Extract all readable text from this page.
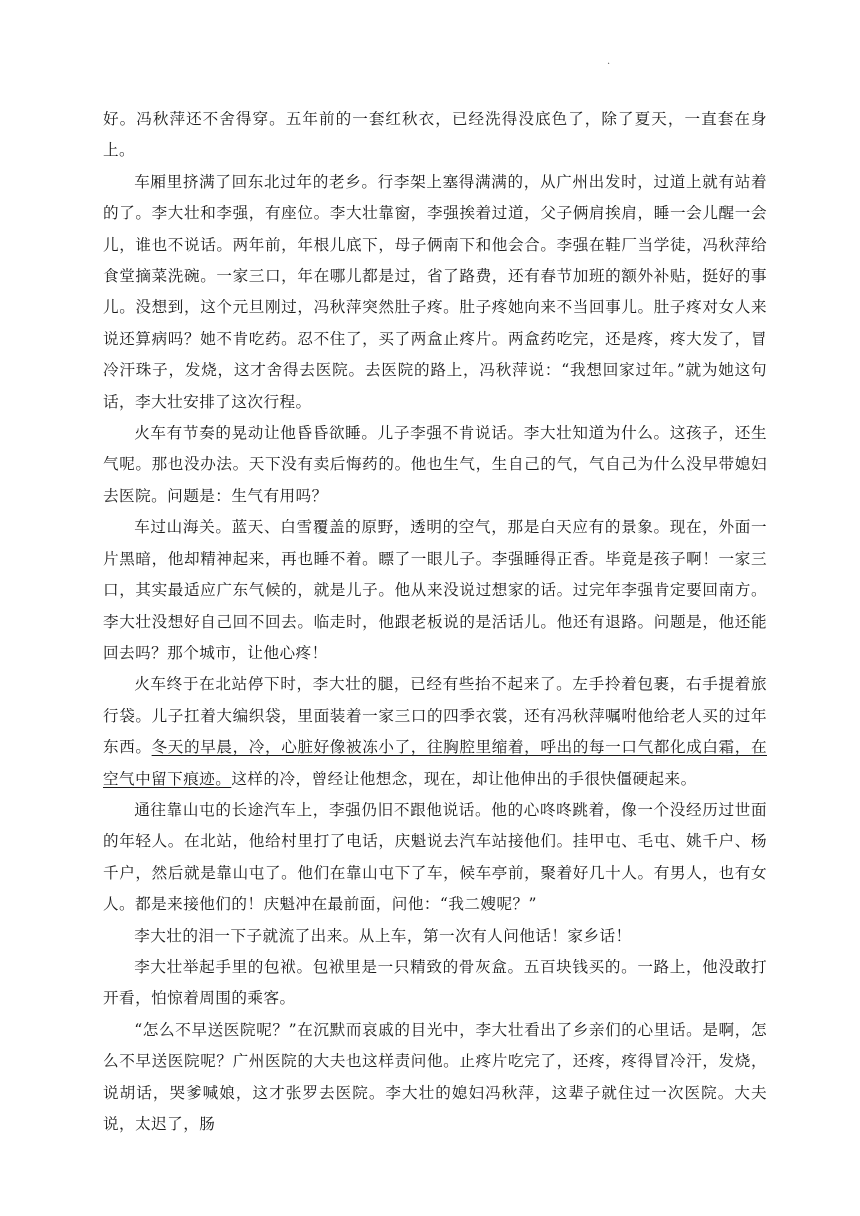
·

好。冯秋萍还不舍得穿。五年前的一套红秋衣，已经洗得没底色了，除了夏天，一直套在身上。

车厢里挤满了回东北过年的老乡。行李架上塞得满满的，从广州出发时，过道上就有站着的了。李大壮和李强，有座位。李大壮靠窗，李强挨着过道，父子俩肩挨肩，睡一会儿醒一会儿，谁也不说话。两年前，年根儿底下，母子俩南下和他会合。李强在鞋厂当学徒，冯秋萍给食堂摘菜洗碗。一家三口，年在哪儿都是过，省了路费，还有春节加班的额外补贴，挺好的事儿。没想到，这个元旦刚过，冯秋萍突然肚子疼。肚子疼她向来不当回事儿。肚子疼对女人来说还算病吗？她不肯吃药。忍不住了，买了两盒止疼片。两盒药吃完，还是疼，疼大发了，冒冷汗珠子，发烧，这才舍得去医院。去医院的路上，冯秋萍说：“我想回家过年。”就为她这句话，李大壮安排了这次行程。

火车有节奏的晃动让他昏昏欲睡。儿子李强不肯说话。李大壮知道为什么。这孩子，还生气呢。那也没办法。天下没有卖后悔药的。他也生气，生自己的气，气自己为什么没早带媳妇去医院。问题是：生气有用吗？

车过山海关。蓝天、白雪覆盖的原野，透明的空气，那是白天应有的景象。现在，外面一片黑暗，他却精神起来，再也睡不着。瞟了一眼儿子。李强睡得正香。毕竟是孩子啊！一家三口，其实最适应广东气候的，就是儿子。他从来没说过想家的话。过完年李强肯定要回南方。李大壮没想好自己回不回去。临走时，他跟老板说的是活话儿。他还有退路。问题是，他还能回去吗？那个城市，让他心疼！

火车终于在北站停下时，李大壮的腿，已经有些抬不起来了。左手拎着包裹，右手提着旅行袋。儿子扛着大编织袋，里面装着一家三口的四季衣裳，还有冯秋萍嘱咐他给老人买的过年东西。冬天的早晨，冷，心脏好像被冻小了，往胸腔里缩着，呼出的每一口气都化成白霜，在空气中留下痕迹。这样的冷，曾经让他想念，现在，却让他伸出的手很快僵硬起来。

通往靠山屯的长途汽车上，李强仍旧不跟他说话。他的心咚咚跳着，像一个没经历过世面的年轻人。在北站，他给村里打了电话，庆魁说去汽车站接他们。挂甲屯、毛屯、姚千户、杨千户，然后就是靠山屯了。他们在靠山屯下了车，候车亭前，聚着好几十人。有男人，也有女人。都是来接他们的！庆魁冲在最前面，问他：“我二嫂呢？”

李大壮的泪一下子就流了出来。从上车，第一次有人问他话！家乡话！

李大壮举起手里的包袱。包袱里是一只精致的骨灰盒。五百块钱买的。一路上，他没敢打开看，怕惊着周围的乘客。

“怎么不早送医院呢？”在沉默而哀戚的目光中，李大壮看出了乡亲们的心里话。是啊，怎么不早送医院呢？广州医院的大夫也这样责问他。止疼片吃完了，还疼，疼得冒冷汗，发烧，说胡话，哭爹喊娘，这才张罗去医院。李大壮的媳妇冯秋萍，这辈子就住过一次医院。大夫说，太迟了，肠
